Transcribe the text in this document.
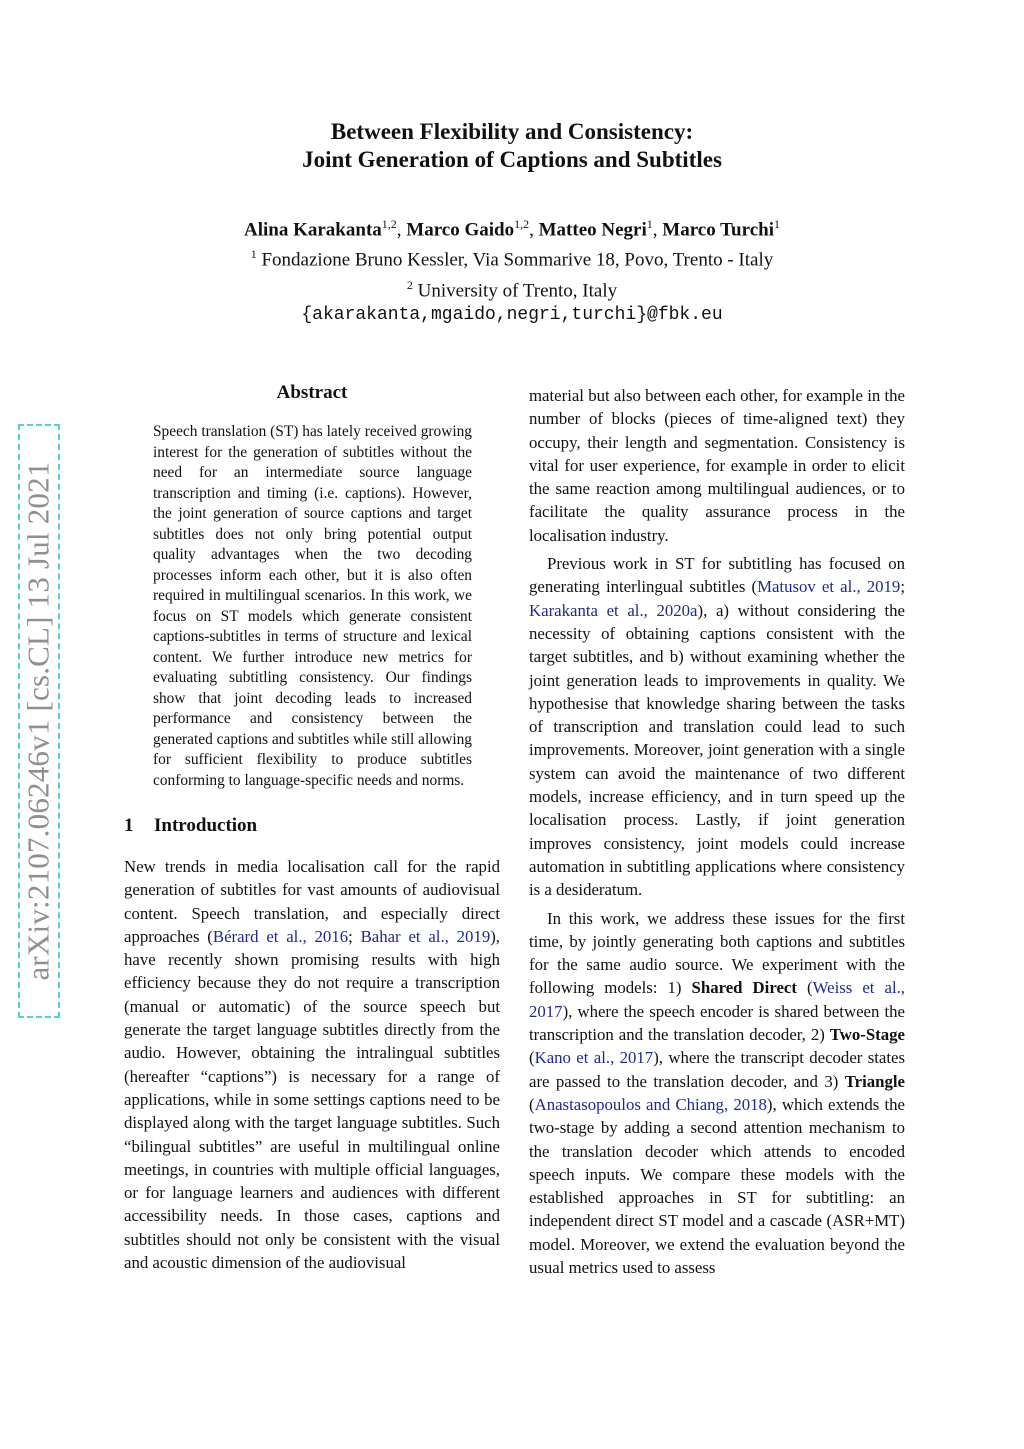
arXiv:2107.06246v1 [cs.CL] 13 Jul 2021
Between Flexibility and Consistency:
Joint Generation of Captions and Subtitles
Alina Karakanta$^{1,2}$, Marco Gaido$^{1,2}$, Matteo Negri$^1$, Marco Turchi$^1$
$^1$ Fondazione Bruno Kessler, Via Sommarive 18, Povo, Trento - Italy
$^2$ University of Trento, Italy
{akarakanta,mgaido,negri,turchi}@fbk.eu
Abstract
Speech translation (ST) has lately received growing interest for the generation of subtitles without the need for an intermediate source language transcription and timing (i.e. captions). However, the joint generation of source captions and target subtitles does not only bring potential output quality advantages when the two decoding processes inform each other, but it is also often required in multilingual scenarios. In this work, we focus on ST models which generate consistent captions-subtitles in terms of structure and lexical content. We further introduce new metrics for evaluating subtitling consistency. Our findings show that joint decoding leads to increased performance and consistency between the generated captions and subtitles while still allowing for sufficient flexibility to produce subtitles conforming to language-specific needs and norms.
1 Introduction

New trends in media localisation call for the rapid generation of subtitles for vast amounts of audiovisual content. Speech translation, and especially direct approaches (Bérard et al., 2016; Bahar et al., 2019), have recently shown promising results with high efficiency because they do not require a transcription (manual or automatic) of the source speech but generate the target language subtitles directly from the audio. However, obtaining the intralingual subtitles (hereafter “captions”) is necessary for a range of applications, while in some settings captions need to be displayed along with the target language subtitles. Such “bilingual subtitles” are useful in multilingual online meetings, in countries with multiple official languages, or for language learners and audiences with different accessibility needs. In those cases, captions and subtitles should not only be consistent with the visual and acoustic dimension of the audiovisual

material but also between each other, for example in the number of blocks (pieces of time-aligned text) they occupy, their length and segmentation. Consistency is vital for user experience, for example in order to elicit the same reaction among multilingual audiences, or to facilitate the quality assurance process in the localisation industry.

Previous work in ST for subtitling has focused on generating interlingual subtitles (Matusov et al., 2019; Karakanta et al., 2020a), a) without considering the necessity of obtaining captions consistent with the target subtitles, and b) without examining whether the joint generation leads to improvements in quality. We hypothesise that knowledge sharing between the tasks of transcription and translation could lead to such improvements. Moreover, joint generation with a single system can avoid the maintenance of two different models, increase efficiency, and in turn speed up the localisation process. Lastly, if joint generation improves consistency, joint models could increase automation in subtitling applications where consistency is a desideratum.

In this work, we address these issues for the first time, by jointly generating both captions and subtitles for the same audio source. We experiment with the following models: 1) Shared Direct (Weiss et al., 2017), where the speech encoder is shared between the transcription and the translation decoder, 2) Two-Stage (Kano et al., 2017), where the transcript decoder states are passed to the translation decoder, and 3) Triangle (Anastasopoulos and Chiang, 2018), which extends the two-stage by adding a second attention mechanism to the translation decoder which attends to encoded speech inputs. We compare these models with the established approaches in ST for subtitling: an independent direct ST model and a cascade (ASR+MT) model. Moreover, we extend the evaluation beyond the usual metrics used to assess
